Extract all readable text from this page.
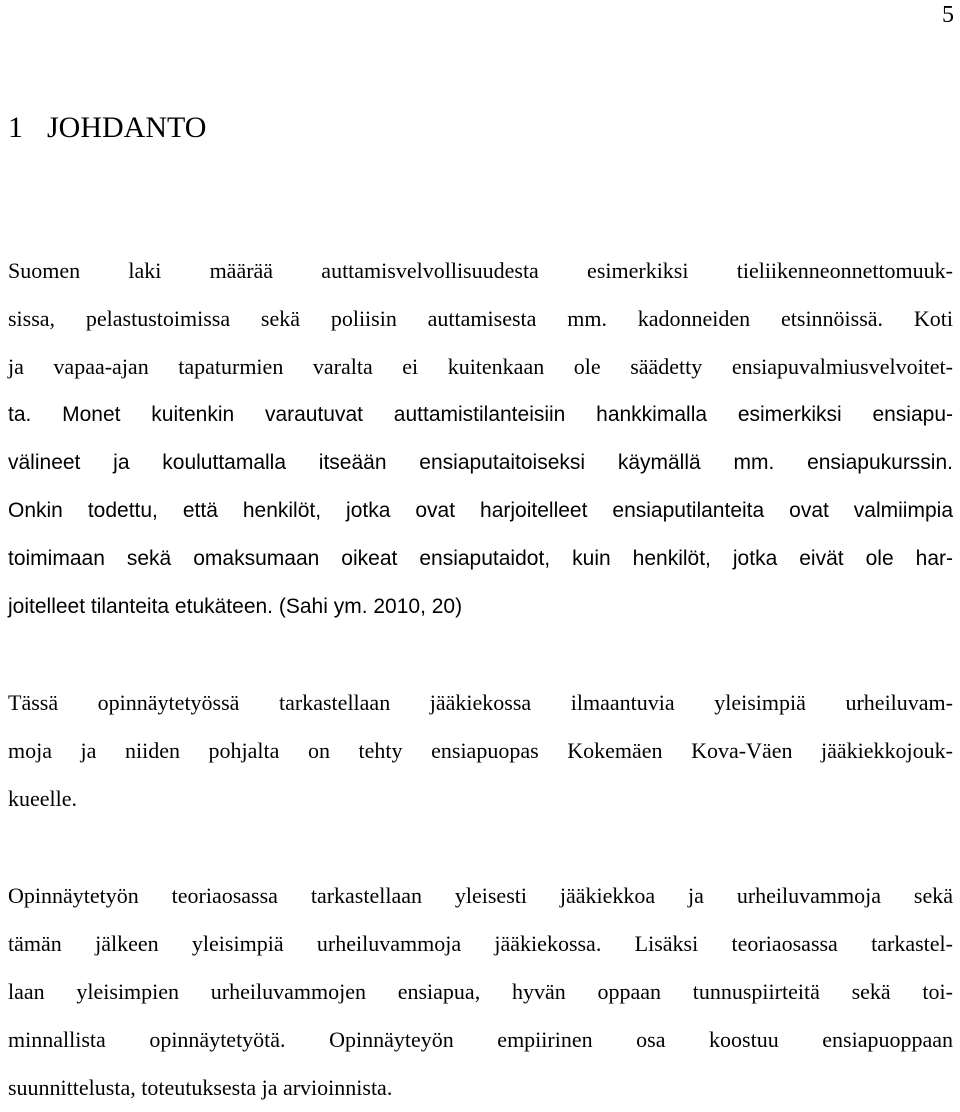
5
1 JOHDANTO
Suomen laki määrää auttamisvelvollisuudesta esimerkiksi tieliikenneonnettomuuk-
sissa, pelastustoimissa sekä poliisin auttamisesta mm. kadonneiden etsinnöissä. Koti
ja vapaa-ajan tapaturmien varalta ei kuitenkaan ole säädetty ensiapuvalmiusvelvoitet-
ta. Monet kuitenkin varautuvat auttamistilanteisiin hankkimalla esimerkiksi ensiapu-
välineet ja kouluttamalla itseään ensiaputaitoiseksi käymällä mm. ensiapukurssin.
Onkin todettu, että henkilöt, jotka ovat harjoitelleet ensiaputilanteita ovat valmiimpia
toimimaan sekä omaksumaan oikeat ensiaputaidot, kuin henkilöt, jotka eivät ole har-
joitelleet tilanteita etukäteen. (Sahi ym. 2010, 20)
Tässä opinnäytetyössä tarkastellaan jääkiekossa ilmaantuvia yleisimpiä urheiluvam-
moja ja niiden pohjalta on tehty ensiapuopas Kokemäen Kova-Väen jääkiekkojouk-
kueelle.
Opinnäytetyön teoriaosassa tarkastellaan yleisesti jääkiekkoa ja urheiluvammoja sekä
tämän jälkeen yleisimpiä urheiluvammoja jääkiekossa. Lisäksi teoriaosassa tarkastel-
laan yleisimpien urheiluvammojen ensiapua, hyvän oppaan tunnuspiirteitä sekä toi-
minnallista opinnäytetyötä. Opinnäyteyön empiirinen osa koostuu ensiapuoppaan
suunnittelusta, toteutuksesta ja arvioinnista.
